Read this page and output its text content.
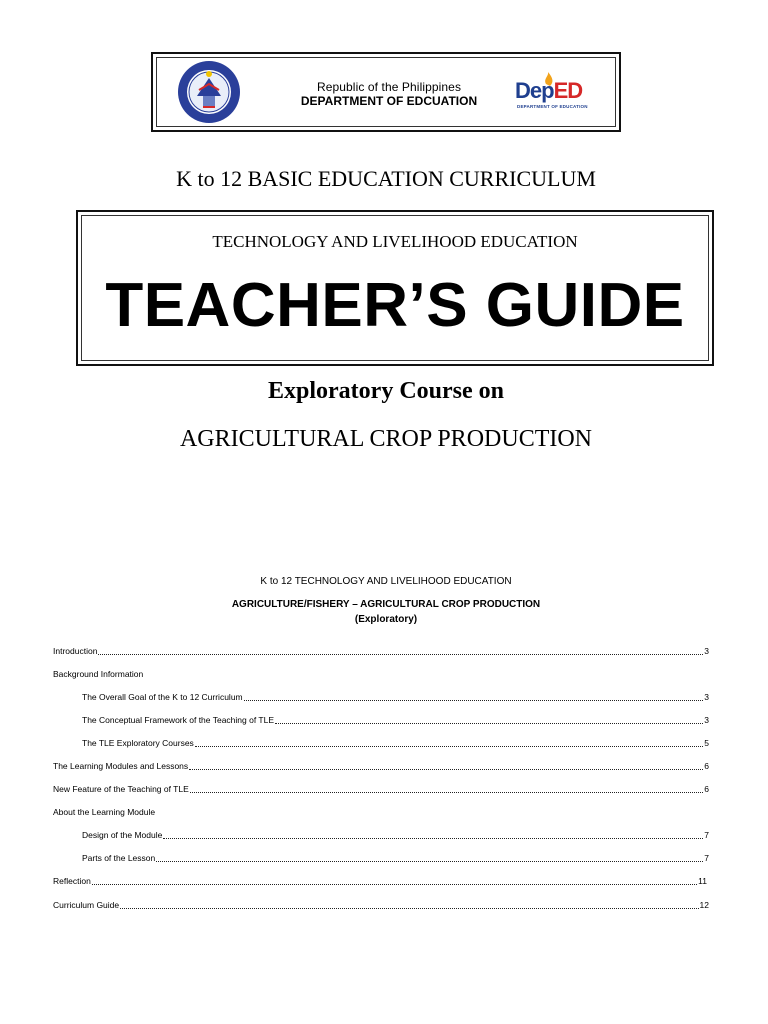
Republic of the Philippines
DEPARTMENT OF EDCUATION	DepED
DEPARTMENT OF EDUCATION
K to 12 BASIC EDUCATION CURRICULUM
TECHNOLOGY AND LIVELIHOOD EDUCATION
TEACHER’S GUIDE
Exploratory Course on
AGRICULTURAL CROP PRODUCTION
K to 12 TECHNOLOGY AND LIVELIHOOD EDUCATION
AGRICULTURE/FISHERY – AGRICULTURAL CROP PRODUCTION
(Exploratory)
Introduction	3
Background Information
The Overall Goal of the K to 12 Curriculum	3
The Conceptual Framework of the Teaching of TLE	3
The TLE Exploratory Courses	5
The Learning Modules and Lessons	6
New Feature of the Teaching of TLE	6
About the Learning Module
Design of the Module	7
Parts of the Lesson	7
Reflection	11
Curriculum Guide	12
